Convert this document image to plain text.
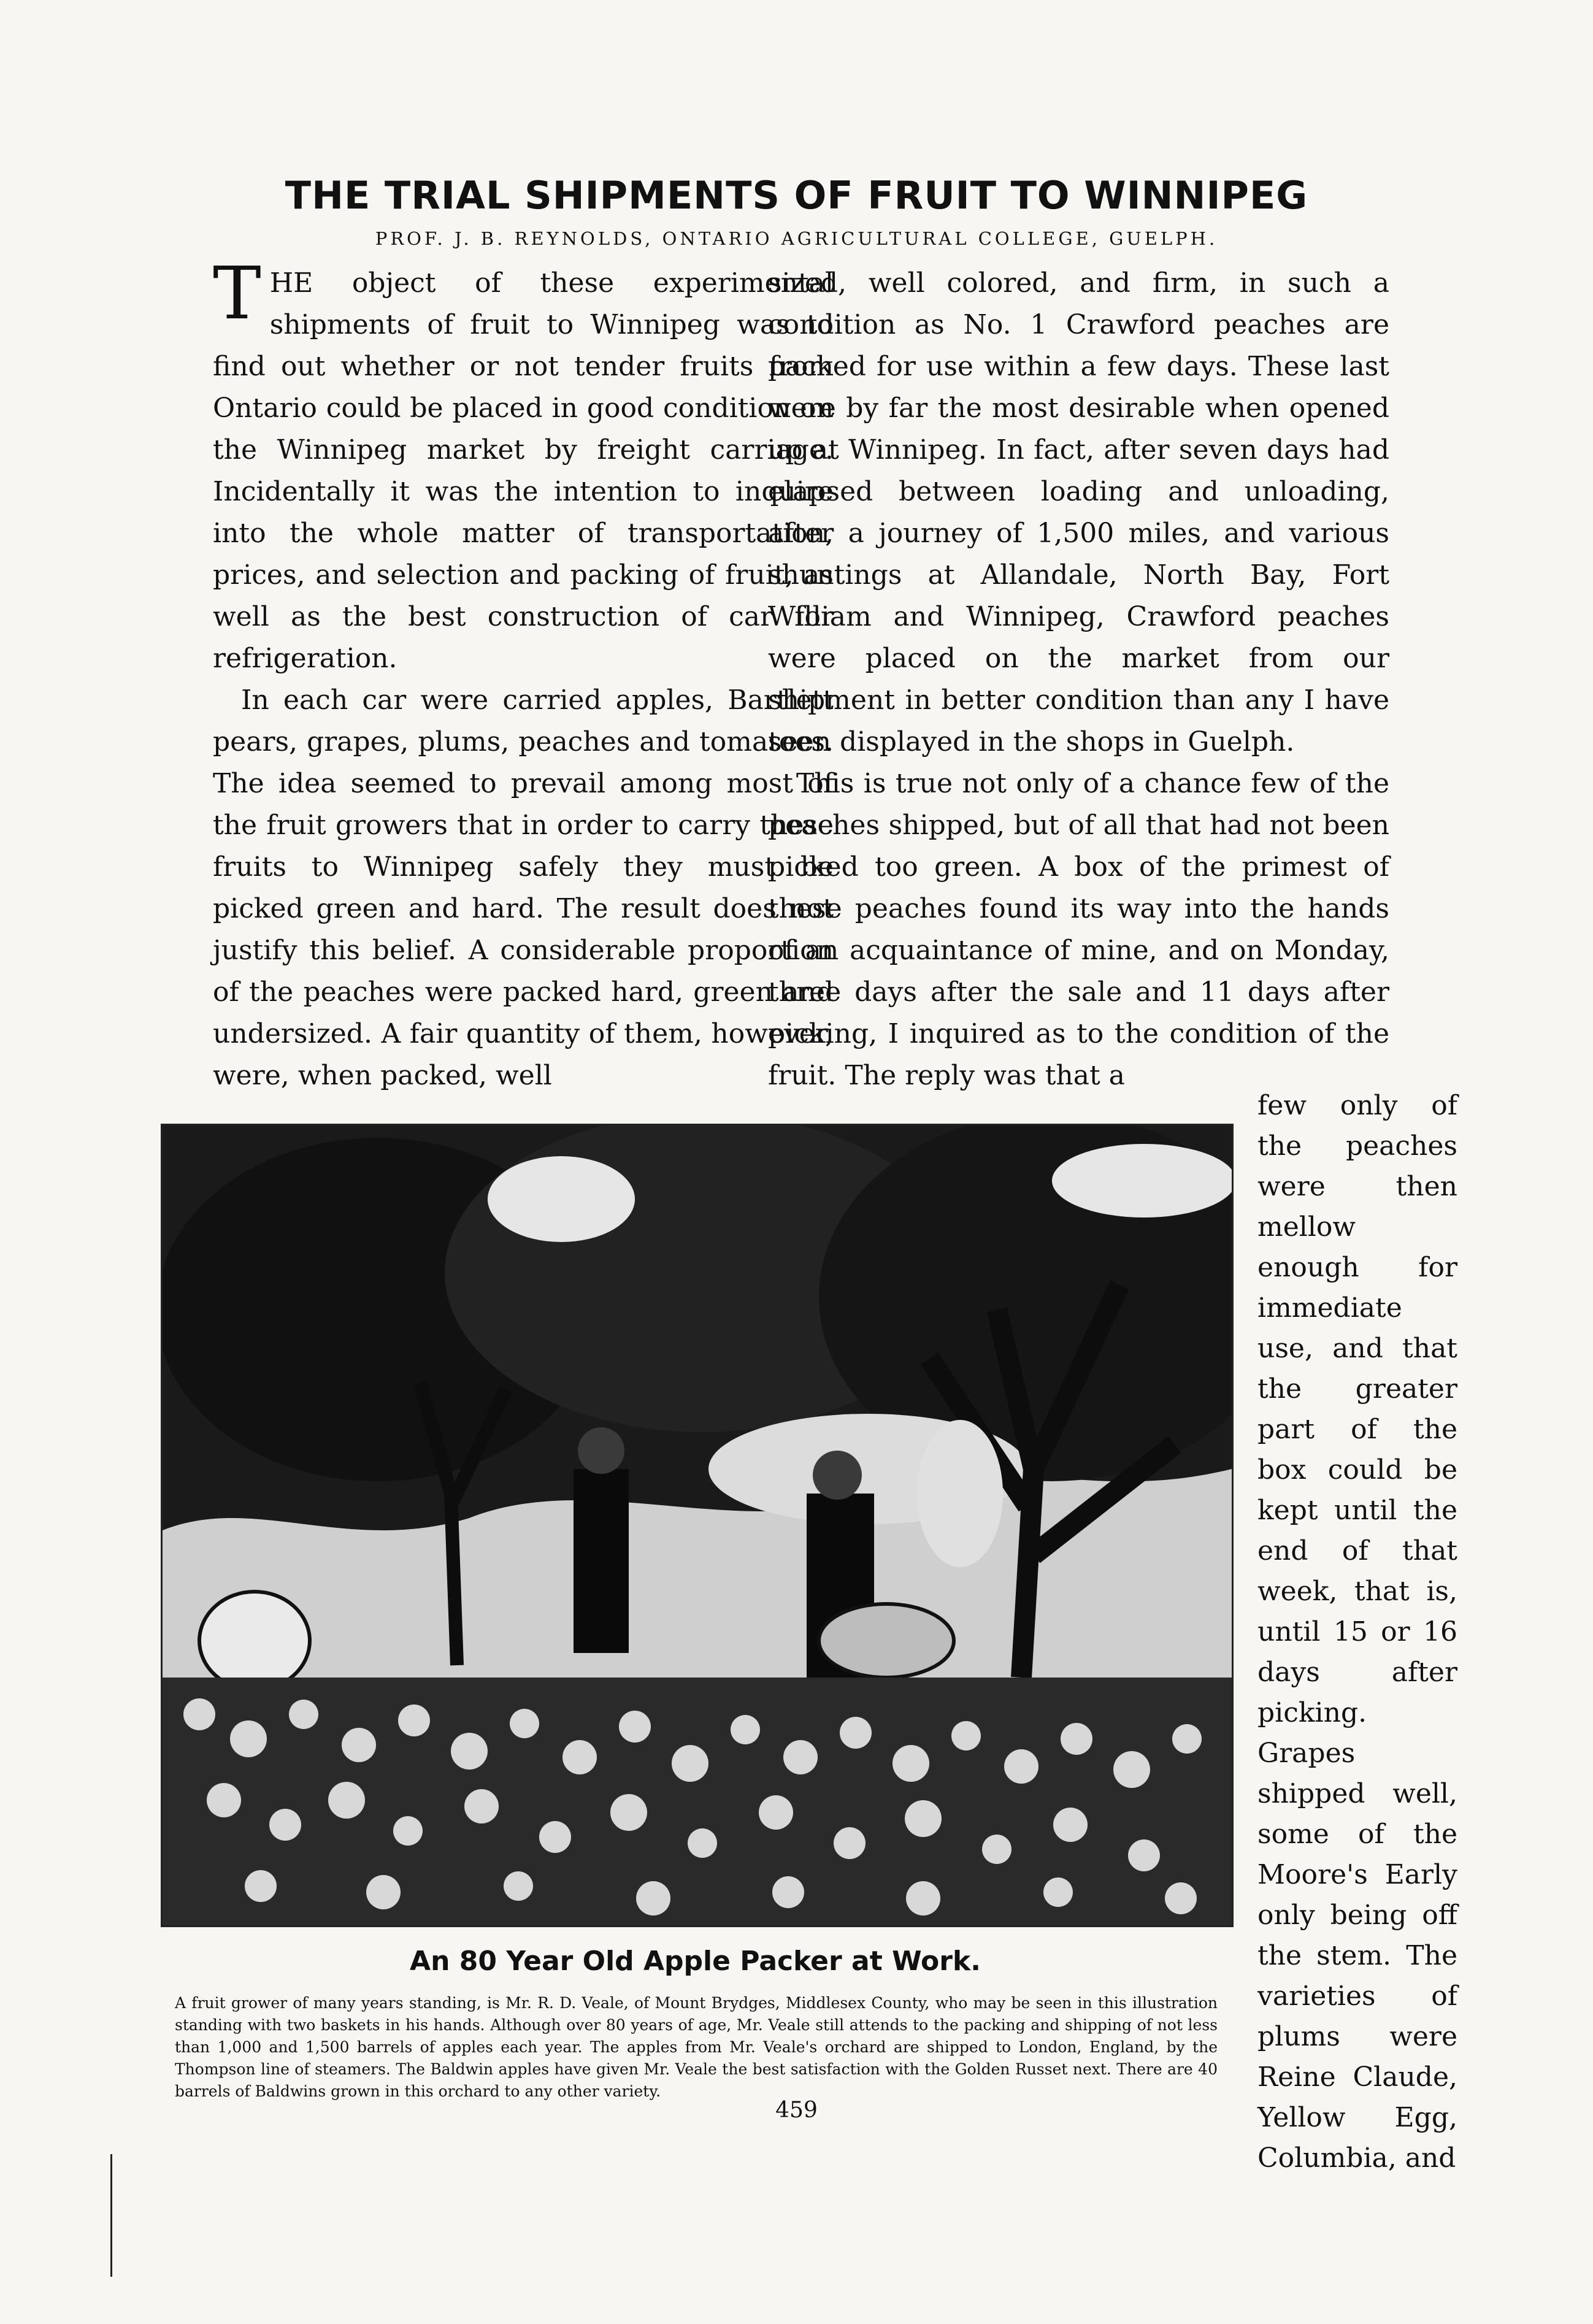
THE TRIAL SHIPMENTS OF FRUIT TO WINNIPEG
PROF. J. B. REYNOLDS, ONTARIO AGRICULTURAL COLLEGE, GUELPH.

THE object of these experimental shipments of fruit to Winnipeg was to find out whether or not tender fruits from Ontario could be placed in good condition on the Winnipeg market by freight carriage. Incidentally it was the intention to inquire into the whole matter of transportation, prices, and selection and packing of fruit, as well as the best construction of car for refrigeration.

In each car were carried apples, Bartlett pears, grapes, plums, peaches and tomatoes. The idea seemed to prevail among most of the fruit growers that in order to carry these fruits to Winnipeg safely they must be picked green and hard. The result does not justify this belief. A considerable proportion of the peaches were packed hard, green and undersized. A fair quantity of them, however, were, when packed, well

sized, well colored, and firm, in such a condition as No. 1 Crawford peaches are packed for use within a few days. These last were by far the most desirable when opened up at Winnipeg. In fact, after seven days had elapsed between loading and unloading, after a journey of 1,500 miles, and various shuntings at Allandale, North Bay, Fort William and Winnipeg, Crawford peaches were placed on the market from our shipment in better condition than any I have seen displayed in the shops in Guelph.

This is true not only of a chance few of the peaches shipped, but of all that had not been picked too green. A box of the primest of these peaches found its way into the hands of an acquaintance of mine, and on Monday, three days after the sale and 11 days after picking, I inquired as to the condition of the fruit. The reply was that a

few only of the peaches were then mellow enough for immediate use, and that the greater part of the box could be kept until the end of that week, that is, until 15 or 16 days after picking. Grapes shipped well, some of the Moore's Early only being off the stem. The varieties of plums were Reine Claude, Yellow Egg, Columbia, and

An 80 Year Old Apple Packer at Work.
A fruit grower of many years standing, is Mr. R. D. Veale, of Mount Brydges, Middlesex County, who may be seen in this illustration standing with two baskets in his hands. Although over 80 years of age, Mr. Veale still attends to the packing and shipping of not less than 1,000 and 1,500 barrels of apples each year. The apples from Mr. Veale's orchard are shipped to London, England, by the Thompson line of steamers. The Baldwin apples have given Mr. Veale the best satisfaction with the Golden Russet next. There are 40 barrels of Baldwins grown in this orchard to any other variety.
459
